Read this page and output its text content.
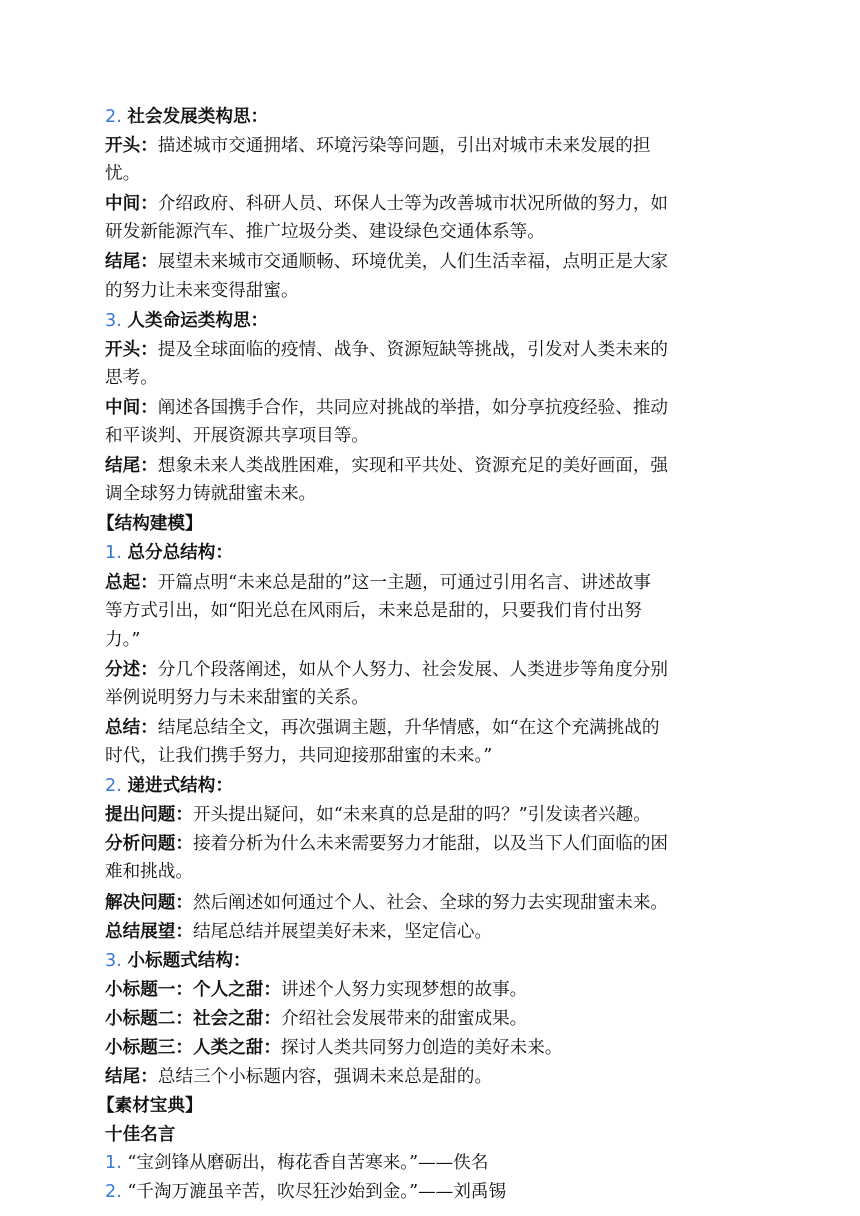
2. 社会发展类构思：
开头：描述城市交通拥堵、环境污染等问题，引出对城市未来发展的担
忧。
中间：介绍政府、科研人员、环保人士等为改善城市状况所做的努力，如
研发新能源汽车、推广垃圾分类、建设绿色交通体系等。
结尾：展望未来城市交通顺畅、环境优美，人们生活幸福，点明正是大家
的努力让未来变得甜蜜。
3. 人类命运类构思：
开头：提及全球面临的疫情、战争、资源短缺等挑战，引发对人类未来的
思考。
中间：阐述各国携手合作，共同应对挑战的举措，如分享抗疫经验、推动
和平谈判、开展资源共享项目等。
结尾：想象未来人类战胜困难，实现和平共处、资源充足的美好画面，强
调全球努力铸就甜蜜未来。
【结构建模】
1. 总分总结构：
总起：开篇点明“未来总是甜的”这一主题，可通过引用名言、讲述故事
等方式引出，如“阳光总在风雨后，未来总是甜的，只要我们肯付出努
力。”
分述：分几个段落阐述，如从个人努力、社会发展、人类进步等角度分别
举例说明努力与未来甜蜜的关系。
总结：结尾总结全文，再次强调主题，升华情感，如“在这个充满挑战的
时代，让我们携手努力，共同迎接那甜蜜的未来。”
2. 递进式结构：
提出问题：开头提出疑问，如“未来真的总是甜的吗？”引发读者兴趣。
分析问题：接着分析为什么未来需要努力才能甜，以及当下人们面临的困
难和挑战。
解决问题：然后阐述如何通过个人、社会、全球的努力去实现甜蜜未来。
总结展望：结尾总结并展望美好未来，坚定信心。
3. 小标题式结构：
小标题一：个人之甜：讲述个人努力实现梦想的故事。
小标题二：社会之甜：介绍社会发展带来的甜蜜成果。
小标题三：人类之甜：探讨人类共同努力创造的美好未来。
结尾：总结三个小标题内容，强调未来总是甜的。
【素材宝典】
十佳名言
1. “宝剑锋从磨砺出，梅花香自苦寒来。”——佚名
2. “千淘万漉虽辛苦，吹尽狂沙始到金。”——刘禹锡
